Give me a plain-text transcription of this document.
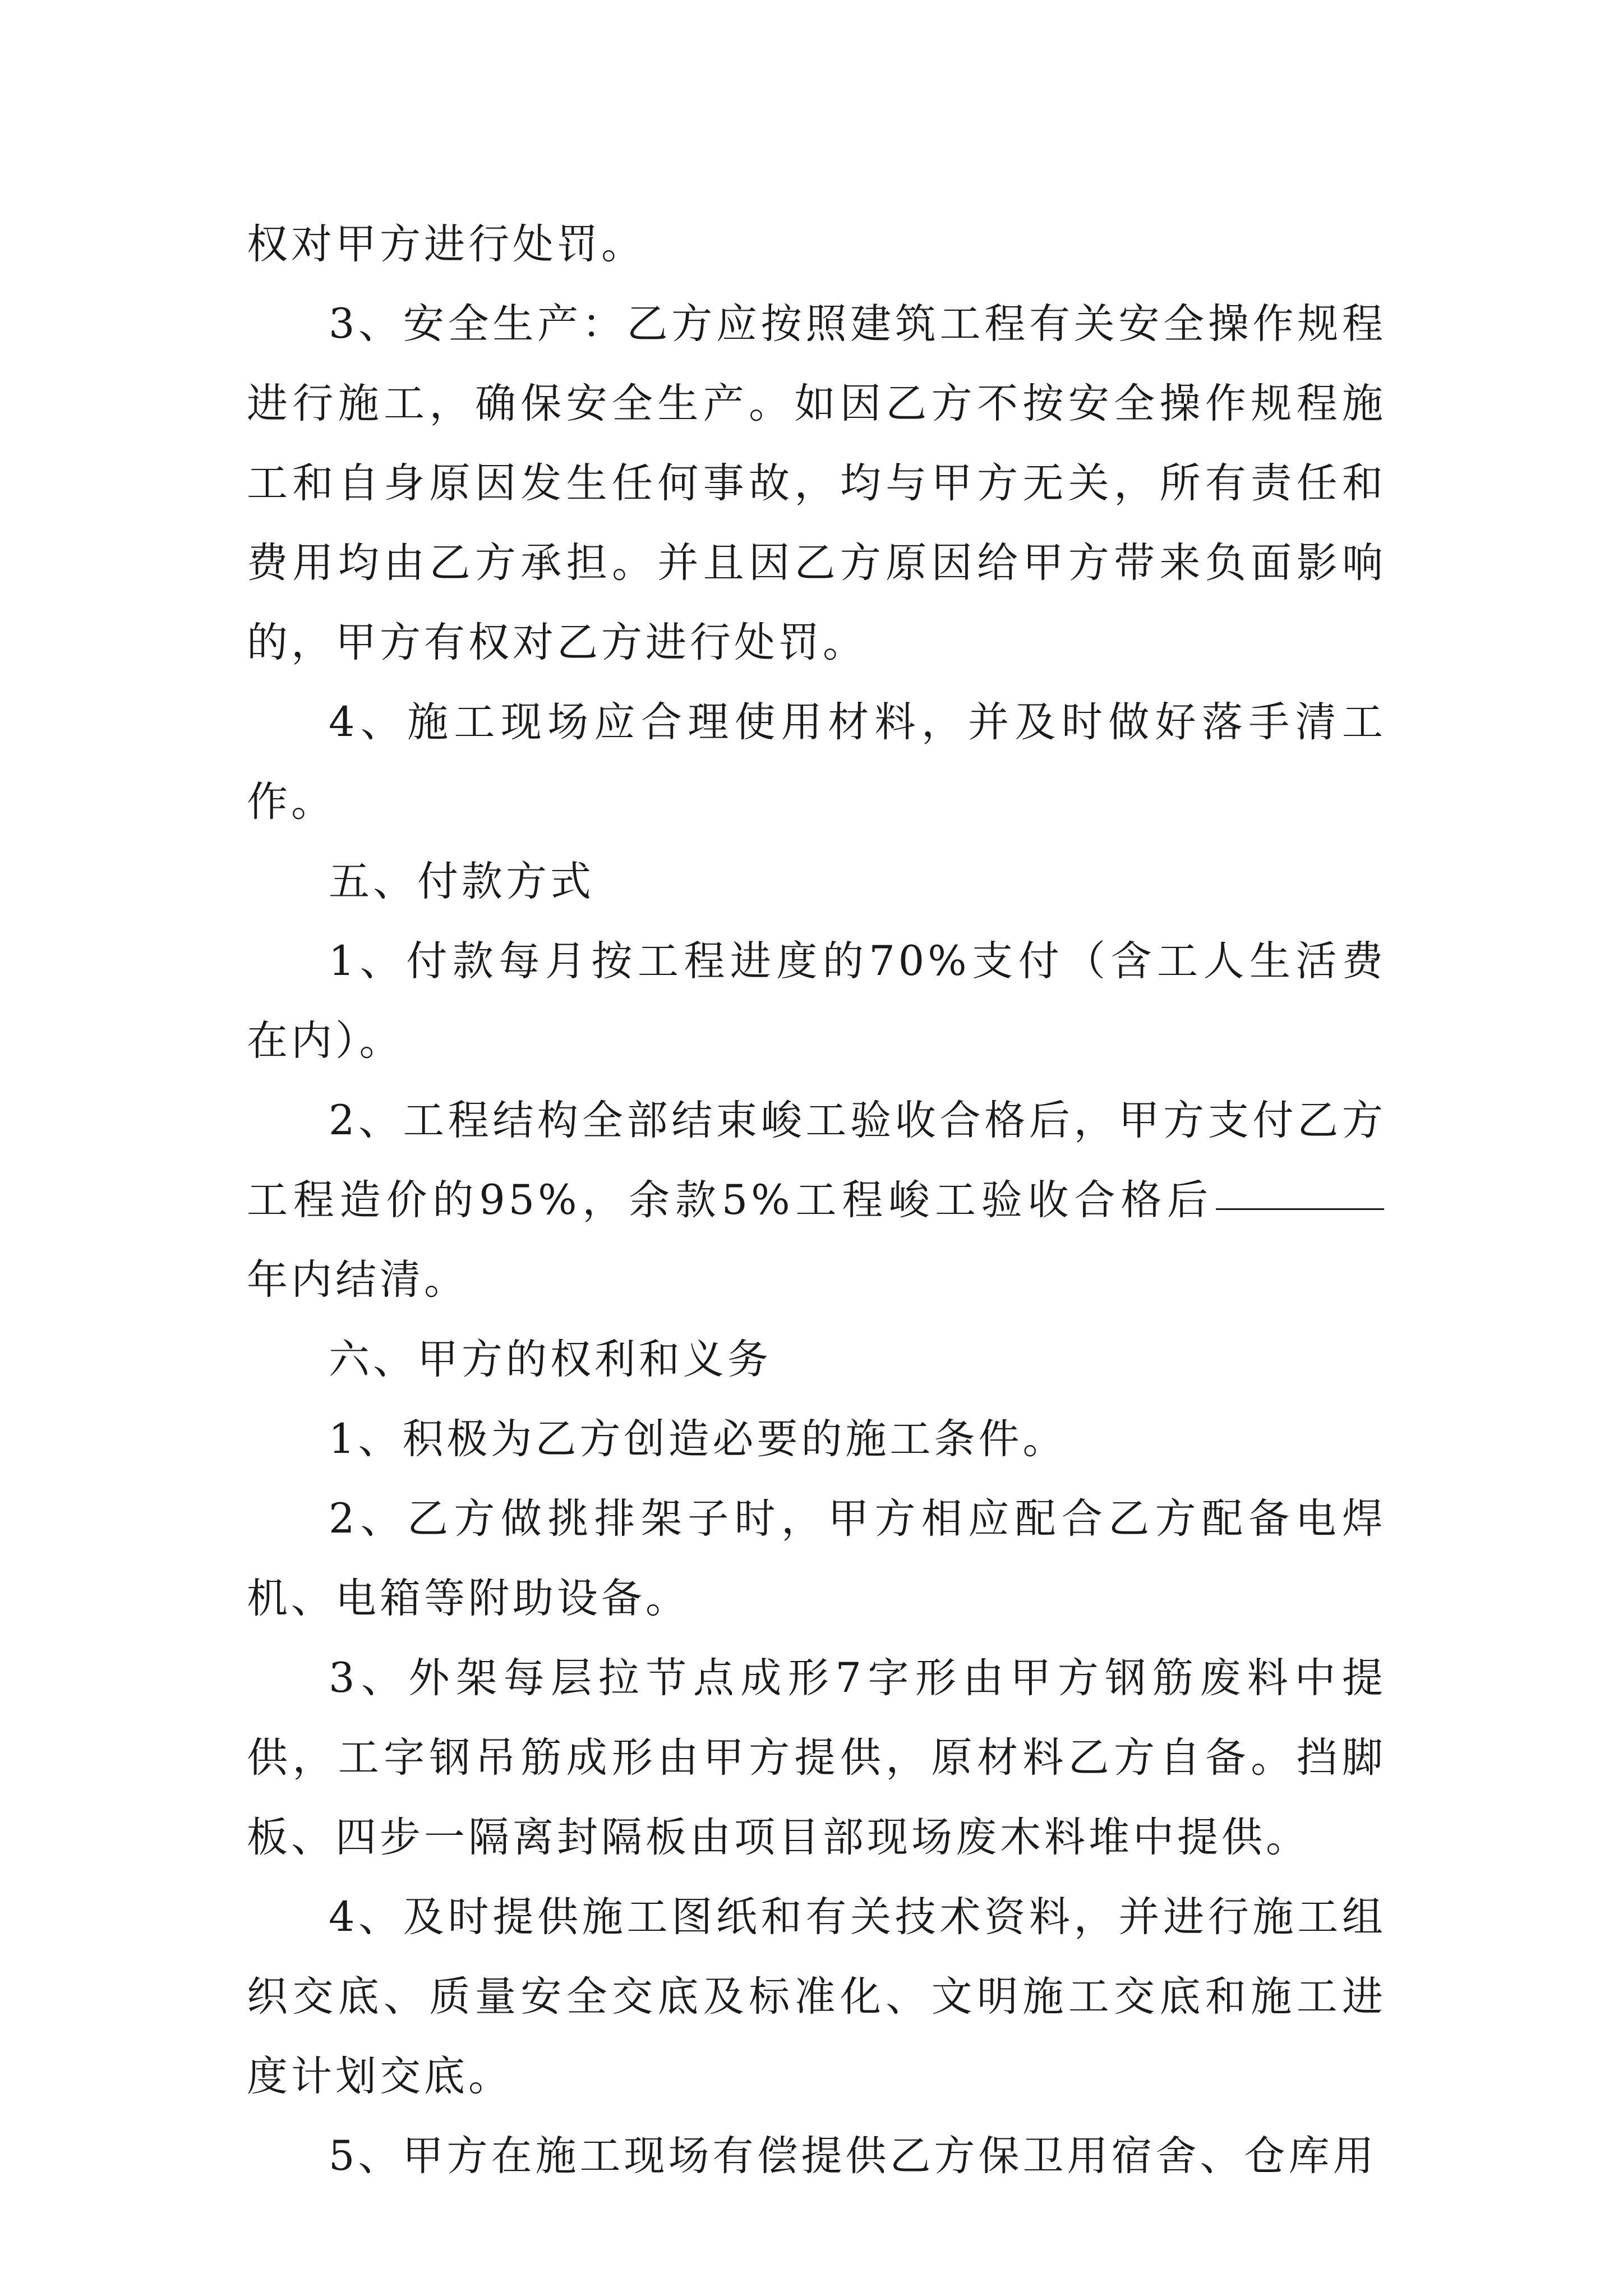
权对甲方进行处罚。

3、安全生产：乙方应按照建筑工程有关安全操作规程进行施工，确保安全生产。如因乙方不按安全操作规程施工和自身原因发生任何事故，均与甲方无关，所有责任和费用均由乙方承担。并且因乙方原因给甲方带来负面影响的，甲方有权对乙方进行处罚。

4、施工现场应合理使用材料，并及时做好落手清工作。

五、付款方式

1、付款每月按工程进度的70%支付（含工人生活费在内）。

2、工程结构全部结束峻工验收合格后，甲方支付乙方工程造价的95%，余款5%工程峻工验收合格后年内结清。

六、甲方的权利和义务

1、积极为乙方创造必要的施工条件。

2、乙方做挑排架子时，甲方相应配合乙方配备电焊机、电箱等附助设备。

3、外架每层拉节点成形7字形由甲方钢筋废料中提供，工字钢吊筋成形由甲方提供，原材料乙方自备。挡脚板、四步一隔离封隔板由项目部现场废木料堆中提供。

4、及时提供施工图纸和有关技术资料，并进行施工组织交底、质量安全交底及标准化、文明施工交底和施工进度计划交底。

5、甲方在施工现场有偿提供乙方保卫用宿舍、仓库用
